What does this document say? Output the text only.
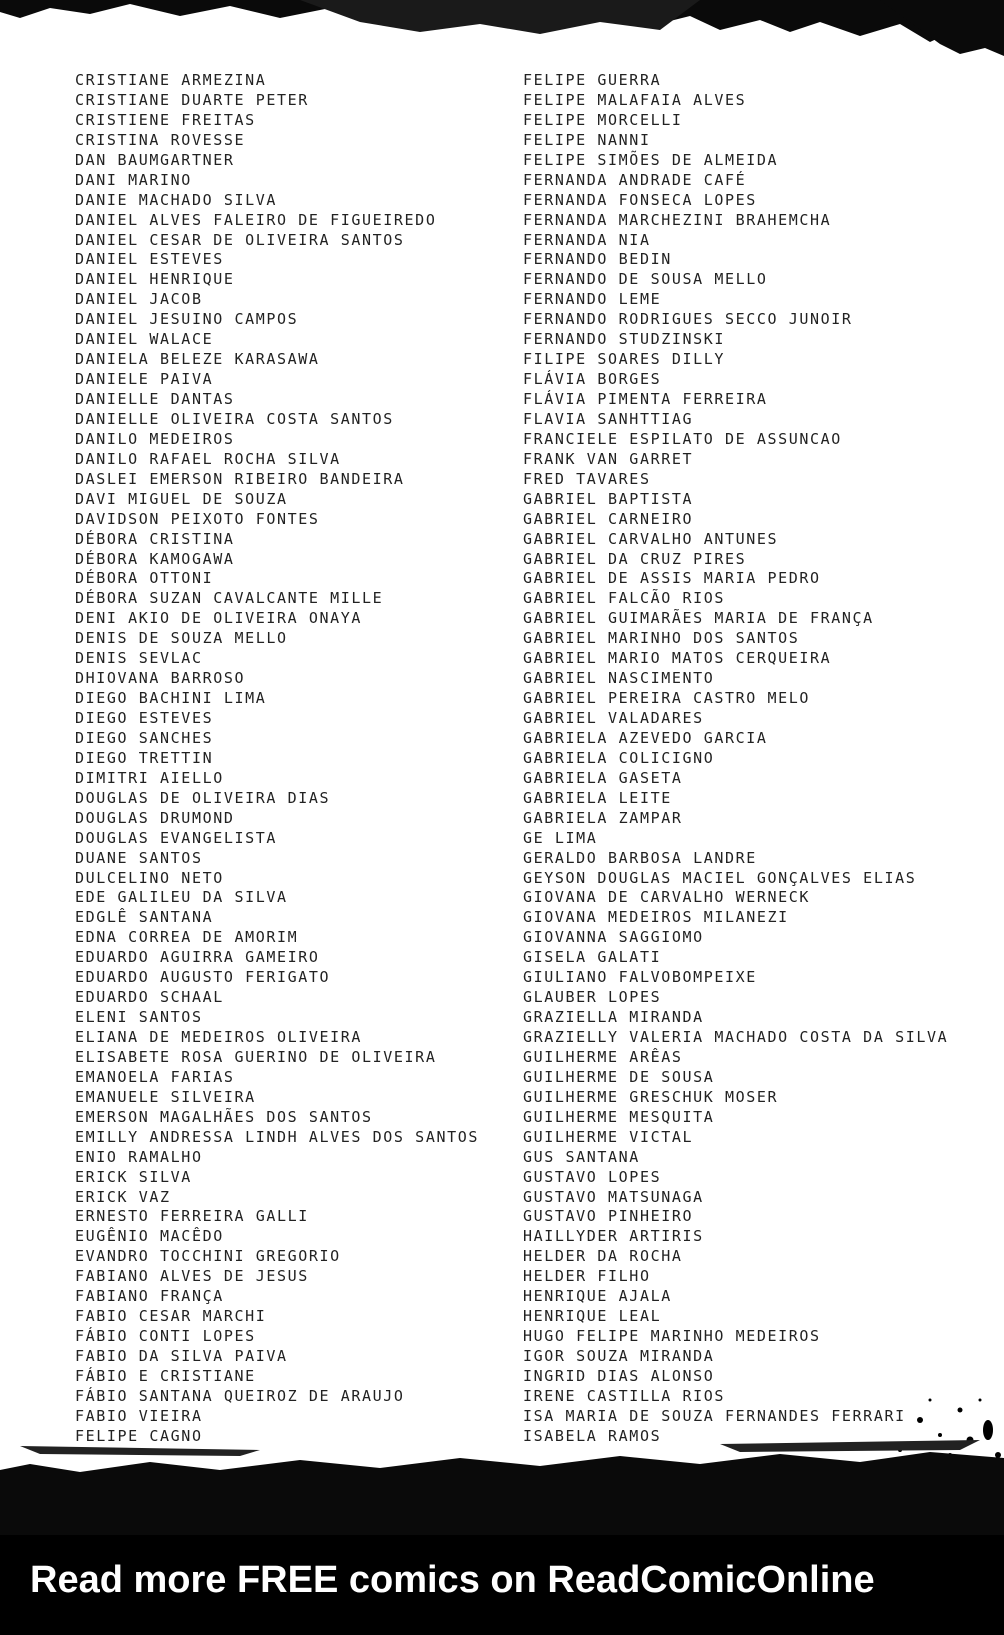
CRISTIANE ARMEZINA
CRISTIANE DUARTE PETER
CRISTIENE FREITAS
CRISTINA ROVESSE
DAN BAUMGARTNER
DANI MARINO
DANIE MACHADO SILVA
DANIEL ALVES FALEIRO DE FIGUEIREDO
DANIEL CESAR DE OLIVEIRA SANTOS
DANIEL ESTEVES
DANIEL HENRIQUE
DANIEL JACOB
DANIEL JESUINO CAMPOS
DANIEL WALACE
DANIELA BELEZE KARASAWA
DANIELE PAIVA
DANIELLE DANTAS
DANIELLE OLIVEIRA COSTA SANTOS
DANILO MEDEIROS
DANILO RAFAEL ROCHA SILVA
DASLEI EMERSON RIBEIRO BANDEIRA
DAVI MIGUEL DE SOUZA
DAVIDSON PEIXOTO FONTES
DÉBORA CRISTINA
DÉBORA KAMOGAWA
DÉBORA OTTONI
DÉBORA SUZAN CAVALCANTE MILLE
DENI AKIO DE OLIVEIRA ONAYA
DENIS DE SOUZA MELLO
DENIS SEVLAC
DHIOVANA BARROSO
DIEGO BACHINI LIMA
DIEGO ESTEVES
DIEGO SANCHES
DIEGO TRETTIN
DIMITRI AIELLO
DOUGLAS DE OLIVEIRA DIAS
DOUGLAS DRUMOND
DOUGLAS EVANGELISTA
DUANE SANTOS
DULCELINO NETO
EDE GALILEU DA SILVA
EDGLÊ SANTANA
EDNA CORREA DE AMORIM
EDUARDO AGUIRRA GAMEIRO
EDUARDO AUGUSTO FERIGATO
EDUARDO SCHAAL
ELENI SANTOS
ELIANA DE MEDEIROS OLIVEIRA
ELISABETE ROSA GUERINO DE OLIVEIRA
EMANOELA FARIAS
EMANUELE SILVEIRA
EMERSON MAGALHÃES DOS SANTOS
EMILLY ANDRESSA LINDH ALVES DOS SANTOS
ENIO RAMALHO
ERICK SILVA
ERICK VAZ
ERNESTO FERREIRA GALLI
EUGÊNIO MACÊDO
EVANDRO TOCCHINI GREGORIO
FABIANO ALVES DE JESUS
FABIANO FRANÇA
FABIO CESAR MARCHI
FÁBIO CONTI LOPES
FABIO DA SILVA PAIVA
FÁBIO E CRISTIANE
FÁBIO SANTANA QUEIROZ DE ARAUJO
FABIO VIEIRA
FELIPE CAGNO
FELIPE GUERRA
FELIPE MALAFAIA ALVES
FELIPE MORCELLI
FELIPE NANNI
FELIPE SIMÕES DE ALMEIDA
FERNANDA ANDRADE CAFÉ
FERNANDA FONSECA LOPES
FERNANDA MARCHEZINI BRAHEMCHA
FERNANDA NIA
FERNANDO BEDIN
FERNANDO DE SOUSA MELLO
FERNANDO LEME
FERNANDO RODRIGUES SECCO JUNOIR
FERNANDO STUDZINSKI
FILIPE SOARES DILLY
FLÁVIA BORGES
FLÁVIA PIMENTA FERREIRA
FLAVIA SANHTTIAG
FRANCIELE ESPILATO DE ASSUNCAO
FRANK VAN GARRET
FRED TAVARES
GABRIEL BAPTISTA
GABRIEL CARNEIRO
GABRIEL CARVALHO ANTUNES
GABRIEL DA CRUZ PIRES
GABRIEL DE ASSIS MARIA PEDRO
GABRIEL FALCÃO RIOS
GABRIEL GUIMARÃES MARIA DE FRANÇA
GABRIEL MARINHO DOS SANTOS
GABRIEL MARIO MATOS CERQUEIRA
GABRIEL NASCIMENTO
GABRIEL PEREIRA CASTRO MELO
GABRIEL VALADARES
GABRIELA AZEVEDO GARCIA
GABRIELA COLICIGNO
GABRIELA GASETA
GABRIELA LEITE
GABRIELA ZAMPAR
GE LIMA
GERALDO BARBOSA LANDRE
GEYSON DOUGLAS MACIEL GONÇALVES ELIAS
GIOVANA DE CARVALHO WERNECK
GIOVANA MEDEIROS MILANEZI
GIOVANNA SAGGIOMO
GISELA GALATI
GIULIANO FALVOBOMPEIXE
GLAUBER LOPES
GRAZIELLA MIRANDA
GRAZIELLY VALERIA MACHADO COSTA DA SILVA
GUILHERME ARÊAS
GUILHERME DE SOUSA
GUILHERME GRESCHUK MOSER
GUILHERME MESQUITA
GUILHERME VICTAL
GUS SANTANA
GUSTAVO LOPES
GUSTAVO MATSUNAGA
GUSTAVO PINHEIRO
HAILLYDER ARTIRIS
HELDER DA ROCHA
HELDER FILHO
HENRIQUE AJALA
HENRIQUE LEAL
HUGO FELIPE MARINHO MEDEIROS
IGOR SOUZA MIRANDA
INGRID DIAS ALONSO
IRENE CASTILLA RIOS
ISA MARIA DE SOUZA FERNANDES FERRARI
ISABELA RAMOS
Read more FREE comics on ReadComicOnline
